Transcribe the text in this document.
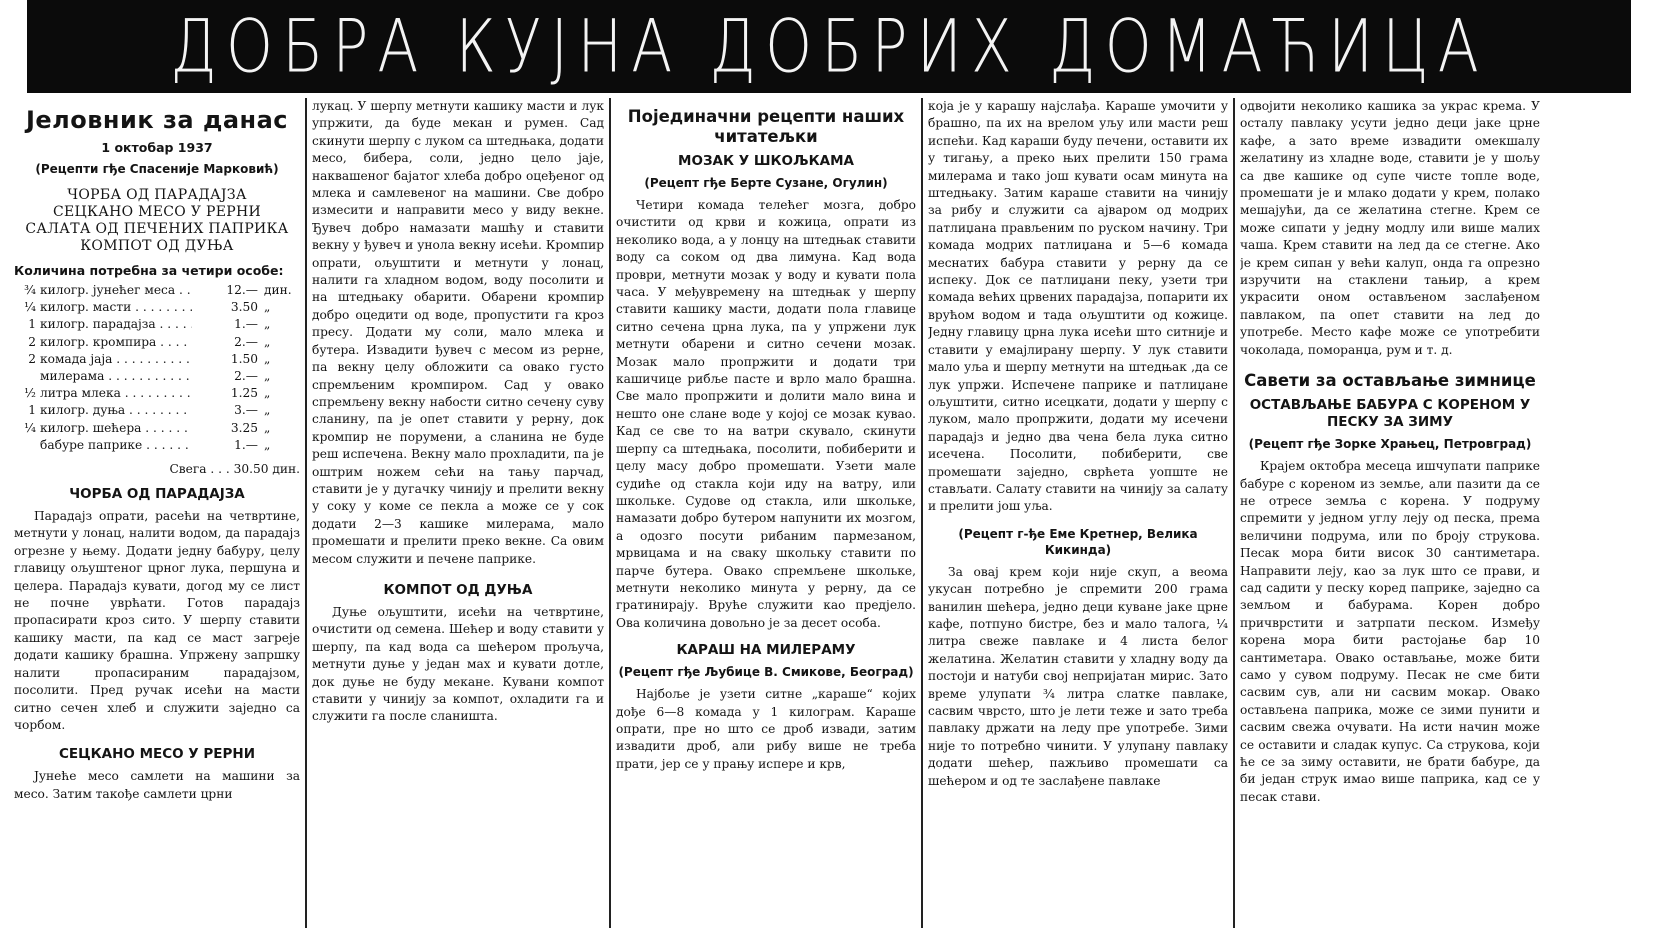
ДОБРА КУЈНА ДОБРИХ ДОМАЋИЦА
Јеловник за данас
1 октобар 1937
(Рецепти гђе Спасеније Марковић)
ЧОРБА ОД ПАРАДАЈЗА
СЕЦКАНО МЕСО У РЕРНИ
САЛАТА ОД ПЕЧЕНИХ ПАПРИКА
КОМПОТ ОД ДУЊА
Количина потребна за четири особе:
¾ килогр. јунећег меса . . .	12.— дин.
¼ килогр. масти . . .	3.50 „
1 килогр. парадајза . . .	1.— „
2 килогр. кромпира . . .	2.— „
2 комада јаја . . .	1.50 „
милерама . . .	2.— „
½ литра млека . . .	1.25 „
1 килогр. дуња . . .	3.— „
¼ килогр. шећера . . .	3.25 „
бабуре паприке . . .	1.— „
Свега . . . 30.50 дин.
ЧОРБА ОД ПАРАДАЈЗА

Парадајз опрати, расећи на четвртине, метнути у лонац, налити водом, да парадајз огрезне у њему. Додати једну бабуру, целу главицу ољуштеног црног лука, першуна и целера. Парадајз кувати, догод му се лист не почне уврћати. Готов парадајз пропасирати кроз сито. У шерпу ставити кашику масти, па кад се маст загреје додати кашику брашна. Упржену запршку налити пропасираним парадајзом, посолити. Пред ручак исећи на масти ситно сечен хлеб и служити заједно са чорбом.

СЕЦКАНО МЕСО У РЕРНИ

Јунеће месо самлети на машини за месо. Затим такође самлети црни

лукац. У шерпу метнути кашику масти и лук упржити, да буде мекан и румен. Сад скинути шерпу с луком са штедњака, додати месо, бибера, соли, једно цело јаје, наквашеног бајатог хлеба добро оцеђеног од млека и самлевеног на машини. Све добро измесити и направити месо у виду векне. Ђувеч добро намазати машћу и ставити векну у ђувеч и унола векну исећи. Кромпир опрати, ољуштити и метнути у лонац, налити га хладном водом, воду посолити и на штедњаку обарити. Обарени кромпир добро оцедити од воде, пропустити га кроз пресу. Додати му соли, мало млека и бутера. Извадити ђувеч с месом из рерне, па векну целу обложити са овако густо спремљеним кромпиром. Сад у овако спремљену векну набости ситно сечену суву сланину, па је опет ставити у рерну, док кромпир не порумени, а сланина не буде реш испечена. Векну мало прохладити, па је оштрим ножем сећи на тању парчад, ставити је у дугачку чинију и прелити векну у соку у коме се пекла а може се у сок додати 2—3 кашике милерама, мало промешати и прелити преко векне. Са овим месом служити и печене паприке.

КОМПОТ ОД ДУЊА

Дуње ољуштити, исећи на четвртине, очистити од семена. Шећер и воду ставити у шерпу, па кад вода са шећером проључа, метнути дуње у један мах и кувати дотле, док дуње не буду мекане. Кувани компот ставити у чинију за компот, охладити га и служити га после сланишта.

Појединачни рецепти наших читатељки
МОЗАК У ШКОЉКАМА
(Рецепт гђе Берте Сузане, Огулин)

Четири комада телећег мозга, добро очистити од крви и кожица, опрати из неколико вода, а у лонцу на штедњак ставити воду са соком од два лимуна. Кад вода проври, метнути мозак у воду и кувати пола часа. У међувремену на штедњак у шерпу ставити кашику масти, додати пола главице ситно сечена црна лука, па у упржени лук метнути обарени и ситно сечени мозак. Мозак мало пропржити и додати три кашичице рибље пасте и врло мало брашна. Све мало пропржити и долити мало вина и нешто оне слане воде у којој се мозак кувао. Кад се све то на ватри скувало, скинути шерпу са штедњака, посолити, побиберити и целу масу добро промешати. Узети мале судиће од стакла који иду на ватру, или школьке. Судове од стакла, или школьке, намазати добро бутером напунити их мозгом, а одозго посути рибаним пармезаном, мрвицама и на сваку школьку ставити по парче бутера. Овако спремљене школьке, метнути неколико минута у рерну, да се гратинирају. Вруће служити као предјело. Ова количина довољно је за десет особа.

КАРАШ НА МИЛЕРАМУ
(Рецепт гђе Љубице В. Смикове, Београд)

Најбоље је узети ситне „караше“ којих дође 6—8 комада у 1 килограм. Караше опрати, пре но што се дроб извади, затим извадити дроб, али рибу више не треба прати, јер се у прању испере и крв,

која је у карашу најслађа. Караше умочити у брашно, па их на врелом уљу или масти реш испећи. Кад караши буду печени, оставити их у тигању, а преко њих прелити 150 грама милерама и тако још кувати осам минута на штедњаку. Затим караше ставити на чинију за рибу и служити са ајваром од модрих патлиџана прављеним по руском начину. Три комада модрих патлиџана и 5—6 комада меснатих бабура ставити у рерну да се испеку. Док се патлиџани пеку, узети три комада већих црвених парадајза, попарити их врућом водом и тада ољуштити од кожице. Једну главицу црна лука исећи што ситније и ставити у емајлирану шерпу. У лук ставити мало уља и шерпу метнути на штедњак ,да се лук упржи. Испечене паприке и патлиџане ољуштити, ситно исецкати, додати у шерпу с луком, мало пропржити, додати му исечени парадајз и једно два чена бела лука ситно исечена. Посолити, побиберити, све промешати заједно, сврћета уопште не стављати. Салату ставити на чинију за салату и прелити још уља.

(Рецепт г-ђе Еме Кретнер, Велика Кикинда)

За овај крем који није скуп, а веома укусан потребно је спремити 200 грама ванилин шећера, једно деци куване јаке црне кафе, потпуно бистре, без и мало талога, ¼ литра свеже павлаке и 4 листа белог желатина. Желатин ставити у хладну воду да постоји и натуби свој непријатан мирис. Зато време улупати ¾ литра слатке павлаке, сасвим чврсто, што је лети теже и зато треба павлаку држати на леду пре употребе. Зими није то потребно чинити. У улупану павлаку додати шећер, пажљиво промешати са шећером и од те заслађене павлаке

одвојити неколико кашика за украс крема. У осталу павлаку усути једно деци јаке црне кафе, а зато време извадити омекшалу желатину из хладне воде, ставити је у шољу са две кашике од супе чисте топле воде, промешати је и млако додати у крем, полако мешајући, да се желатина стегне. Крем се може сипати у једну модлу или више малих чаша. Крем ставити на лед да се стегне. Ако је крем сипан у већи калуп, онда га опрезно изручити на стаклени тањир, а крем украсити оном остављеном заслађеном павлаком, па опет ставити на лед до употребе. Место кафе може се употребити чоколада, поморанџа, рум и т. д.

Савети за остављање зимнице
ОСТАВЉАЊЕ БАБУРА С КОРЕНОМ У ПЕСКУ ЗА ЗИМУ
(Рецепт гђе Зорке Храњец, Петровград)

Крајем октобра месеца ишчупати паприке бабуре с кореном из земље, али пазити да се не отресе земља с корена. У подруму спремити у једном углу леју од песка, према величини подрума, или по броју струкова. Песак мора бити висок 30 сантиметара. Направити леју, као за лук што се прави, и сад садити у песку коред паприке, заједно са земљом и бабурама. Корен добро причврстити и затрпати песком. Између корена мора бити растојање бар 10 сантиметара. Овако остављање, може бити само у сувом подруму. Песак не сме бити сасвим сув, али ни сасвим мокар. Овако остављена паприка, може се зими пунити и сасвим свежа очувати. На исти начин може се оставити и сладак купус. Са струкова, који ће се за зиму оставити, не брати бабуре, да би један струк имао више паприка, кад се у песак стави.
